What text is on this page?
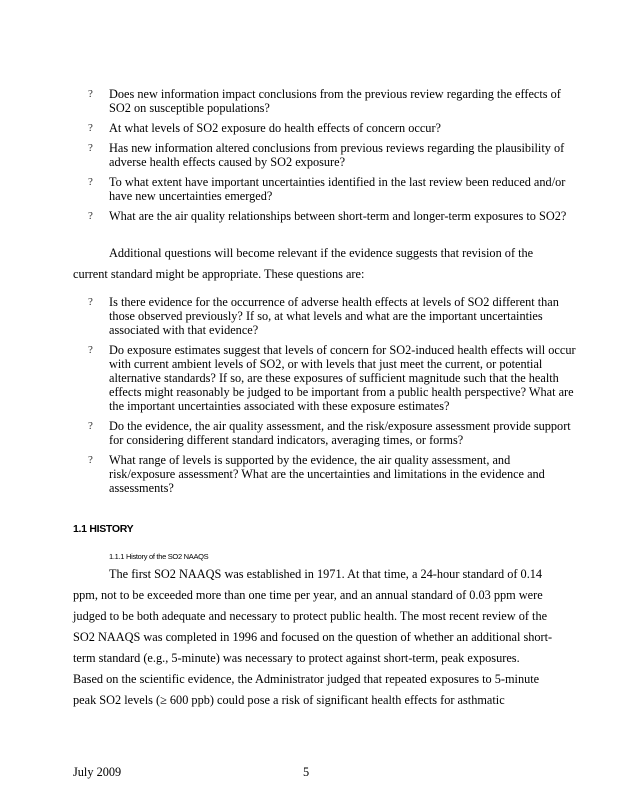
? Does new information impact conclusions from the previous review regarding the effects of SO2 on susceptible populations?
? At what levels of SO2 exposure do health effects of concern occur?
? Has new information altered conclusions from previous reviews regarding the plausibility of adverse health effects caused by SO2 exposure?
? To what extent have important uncertainties identified in the last review been reduced and/or have new uncertainties emerged?
? What are the air quality relationships between short-term and longer-term exposures to SO2?
Additional questions will become relevant if the evidence suggests that revision of the
current standard might be appropriate. These questions are:
? Is there evidence for the occurrence of adverse health effects at levels of SO2 different than those observed previously? If so, at what levels and what are the important uncertainties associated with that evidence?
? Do exposure estimates suggest that levels of concern for SO2-induced health effects will occur with current ambient levels of SO2, or with levels that just meet the current, or potential alternative standards? If so, are these exposures of sufficient magnitude such that the health effects might reasonably be judged to be important from a public health perspective? What are the important uncertainties associated with these exposure estimates?
? Do the evidence, the air quality assessment, and the risk/exposure assessment provide support for considering different standard indicators, averaging times, or forms?
? What range of levels is supported by the evidence, the air quality assessment, and risk/exposure assessment? What are the uncertainties and limitations in the evidence and assessments?
1.1 HISTORY
1.1.1 History of the SO2 NAAQS
The first SO2 NAAQS was established in 1971. At that time, a 24-hour standard of 0.14
ppm, not to be exceeded more than one time per year, and an annual standard of 0.03 ppm were
judged to be both adequate and necessary to protect public health. The most recent review of the
SO2 NAAQS was completed in 1996 and focused on the question of whether an additional short-
term standard (e.g., 5-minute) was necessary to protect against short-term, peak exposures.
Based on the scientific evidence, the Administrator judged that repeated exposures to 5-minute
peak SO2 levels (≥ 600 ppb) could pose a risk of significant health effects for asthmatic
July 2009	5
